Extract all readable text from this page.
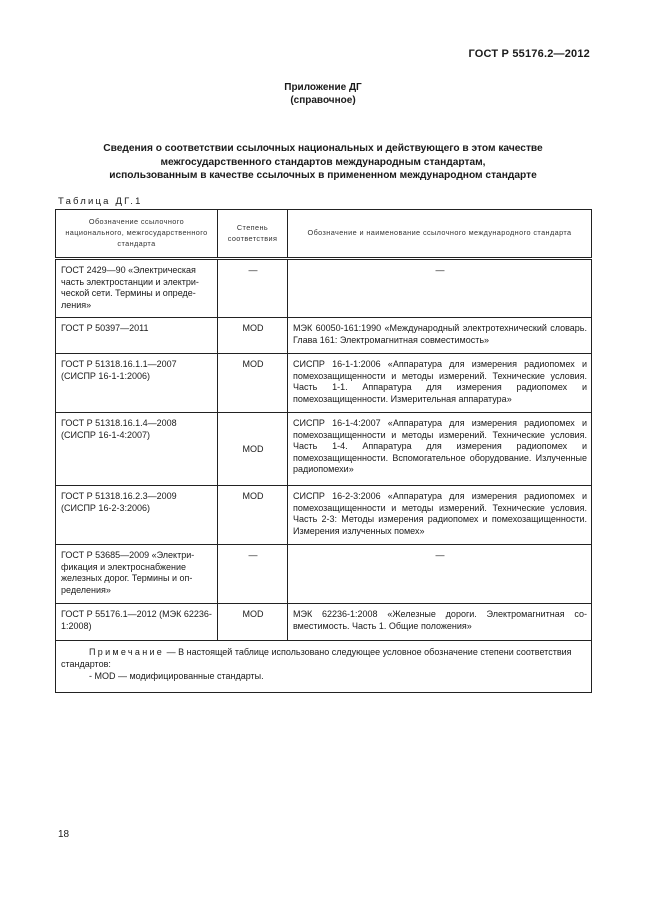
ГОСТ Р 55176.2—2012
Приложение ДГ
(справочное)
Сведения о соответствии ссылочных национальных и действующего в этом качестве
межгосударственного стандартов международным стандартам,
использованным в качестве ссылочных в примененном международном стандарте
Таблица ДГ.1
Обозначение ссылочного национального, межгосударственного стандарта	Степень соответствия	Обозначение и наименование ссылочного международного стандарта
ГОСТ 2429—90 «Электрическая часть электростанции и электрической сети. Термины и определения»	—	—
ГОСТ Р 50397—2011	MOD	МЭК 60050-161:1990 «Международный электротехнический словарь. Глава 161: Электромагнитная совместимость»
ГОСТ Р 51318.16.1.1—2007 (СИСПР 16-1-1:2006)	MOD	СИСПР 16-1-1:2006 «Аппаратура для измерения радиопомех и помехозащищенности и методы измерений. Технические условия. Часть 1-1. Аппаратура для измерения радиопомех и помехозащищенности. Измерительная аппаратура»
ГОСТ Р 51318.16.1.4—2008 (СИСПР 16-1-4:2007)	MOD	СИСПР 16-1-4:2007 «Аппаратура для измерения радиопомех и помехозащищенности и методы измерений. Технические условия. Часть 1-4. Аппаратура для измерения радиопомех и помехозащищенности. Вспомогательное оборудование. Излученные радиопомехи»
ГОСТ Р 51318.16.2.3—2009 (СИСПР 16-2-3:2006)	MOD	СИСПР 16-2-3:2006 «Аппаратура для измерения радиопомех и помехозащищенности и методы измерений. Технические условия. Часть 2-3: Методы измерения радиопомех и помехозащищенности. Измерения излученных помех»
ГОСТ Р 53685—2009 «Электрификация и электроснабжение железных дорог. Термины и определения»	—	—
ГОСТ Р 55176.1—2012 (МЭК 62236-1:2008)	MOD	МЭК 62236-1:2008 «Железные дороги. Электромагнитная совместимость. Часть 1. Общие положения»

Примечание — В настоящей таблице использовано следующее условное обозначение степени соответствия стандартов:
- MOD — модифицированные стандарты.		
18
